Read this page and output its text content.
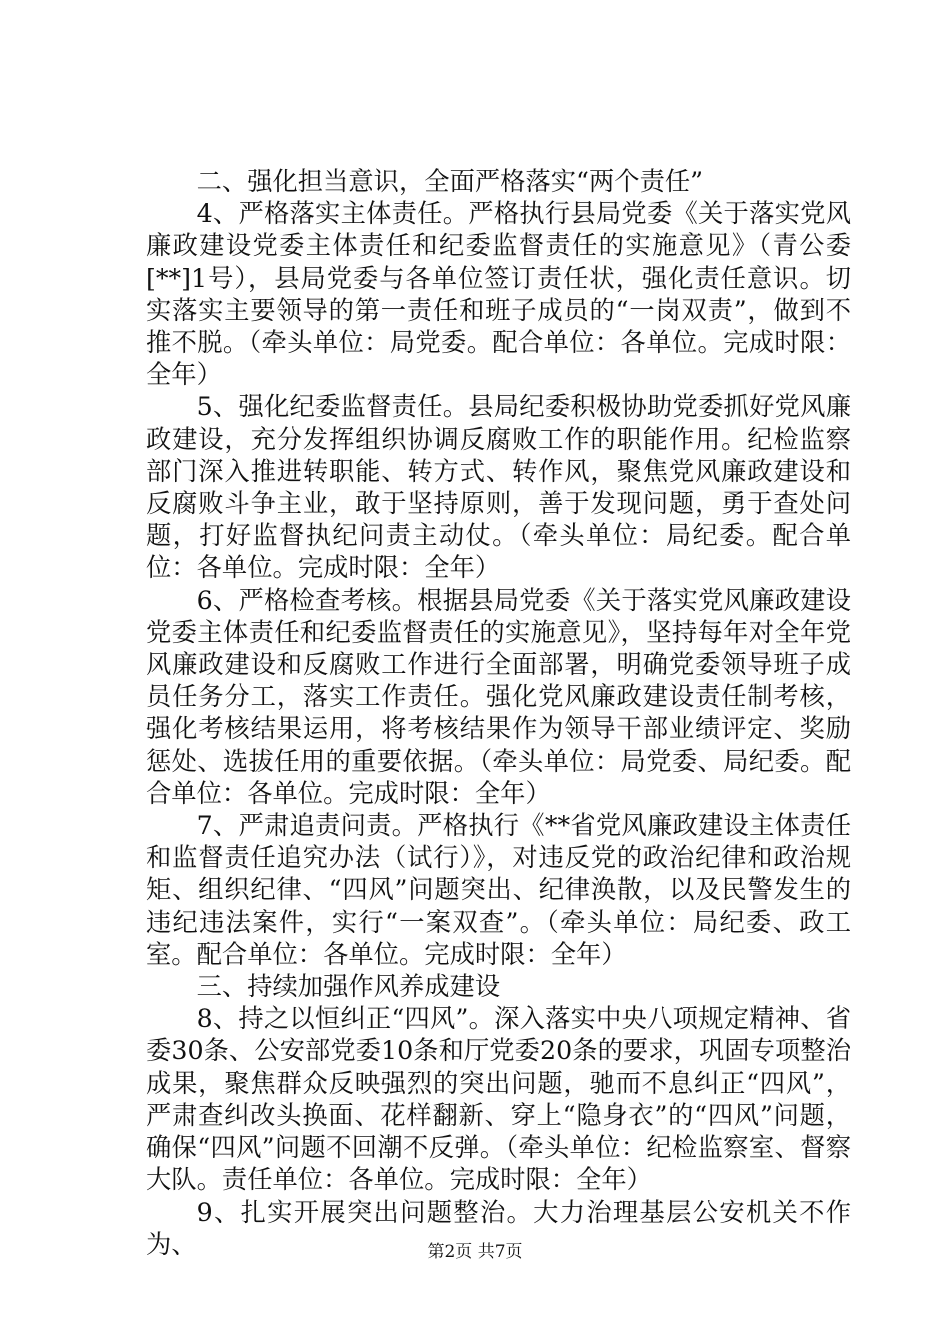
二、强化担当意识，全面严格落实“两个责任”

4、严格落实主体责任。严格执行县局党委《关于落实党风廉政建设党委主体责任和纪委监督责任的实施意见》（青公委[**]1号），县局党委与各单位签订责任状，强化责任意识。切实落实主要领导的第一责任和班子成员的“一岗双责”，做到不推不脱。（牵头单位：局党委。配合单位：各单位。完成时限：全年）

5、强化纪委监督责任。县局纪委积极协助党委抓好党风廉政建设，充分发挥组织协调反腐败工作的职能作用。纪检监察部门深入推进转职能、转方式、转作风，聚焦党风廉政建设和反腐败斗争主业，敢于坚持原则，善于发现问题，勇于查处问题，打好监督执纪问责主动仗。（牵头单位：局纪委。配合单位：各单位。完成时限：全年）

6、严格检查考核。根据县局党委《关于落实党风廉政建设党委主体责任和纪委监督责任的实施意见》，坚持每年对全年党风廉政建设和反腐败工作进行全面部署，明确党委领导班子成员任务分工，落实工作责任。强化党风廉政建设责任制考核，强化考核结果运用，将考核结果作为领导干部业绩评定、奖励惩处、选拔任用的重要依据。（牵头单位：局党委、局纪委。配合单位：各单位。完成时限：全年）

7、严肃追责问责。严格执行《**省党风廉政建设主体责任和监督责任追究办法（试行）》，对违反党的政治纪律和政治规矩、组织纪律、“四风”问题突出、纪律涣散，以及民警发生的违纪违法案件，实行“一案双查”。（牵头单位：局纪委、政工室。配合单位：各单位。完成时限：全年）

三、持续加强作风养成建设

8、持之以恒纠正“四风”。深入落实中央八项规定精神、省委30条、公安部党委10条和厅党委20条的要求，巩固专项整治成果，聚焦群众反映强烈的突出问题，驰而不息纠正“四风”，严肃查纠改头换面、花样翻新、穿上“隐身衣”的“四风”问题，确保“四风”问题不回潮不反弹。（牵头单位：纪检监察室、督察大队。责任单位：各单位。完成时限：全年）

9、扎实开展突出问题整治。大力治理基层公安机关不作为、	第2页 共7页
